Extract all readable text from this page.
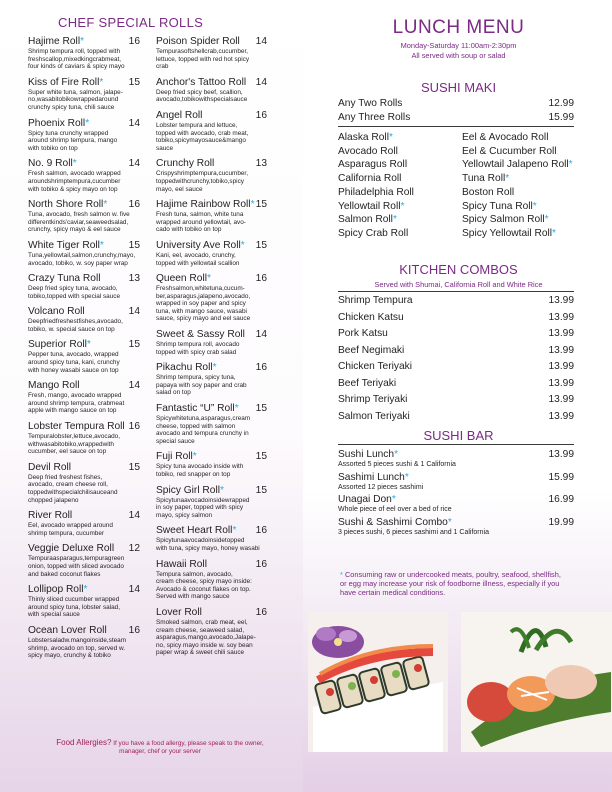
CHEF SPECIAL ROLLS
Hajime Roll*	16
Shrimp tempura roll, topped with
freshscallop,mixedkingcrabmeat,
four kinds of caviars & spicy mayo
Kiss of Fire Roll* 15
Super white tuna, salmon, jalape-
no,wasabitobikowrappedaround
crunchy spicy tuna, chili sauce
Phoenix Roll*	14
Spicy tuna crunchy wrapped
around shrimp tempura, mango
with tobiko on top
No. 9 Roll*	14
Fresh salmon, avocado wrapped
aroundshrimptempura,cucumber
with tobiko & spicy mayo on top
North Shore Roll* 16
Tuna, avocado, fresh salmon w. five
differentkinds'caviar,seaweedsalad,
crunchy, spicy mayo & eel sauce
White Tiger Roll* 15
Tuna,yellowtail,salmon,crunchy,mayo,
avocado, tobiko, w. soy paper wrap
Crazy Tuna Roll	13
Deep fried spicy tuna, avocado,
tobiko,topped with special sauce
Volcano Roll	14
Deepfriedfreshestfishes,avocado,
tobiko, w. special sauce on top
Superior Roll*	15
Pepper tuna, avocado, wrapped
around spicy tuna, kani, crunchy
with honey wasabi sauce on top
Mango Roll	14
Fresh, mango, avocado wrapped
around shrimp tempura, crabmeat
apple with mango sauce on top
Lobster Tempura Roll 16
Tempuralobster,lettuce,avocado,
withwasabitobiko,wrappedwith
cucumber, eel sauce on top
Devil Roll	15
Deep fried freshest fishes,
avocado, cream cheese roll,
toppedwithspecialchilisauceand
chopped jalapeno
River Roll	14
Eel, avocado wrapped around
shrimp tempura, cucumber
Veggie Deluxe Roll 12
Tempuraasparagus,tempuragreen
onion, topped with sliced avocado
and baked coconut flakes
Lollipop Roll*	14
Thinly sliced cucumber wrapped
around spicy tuna, lobster salad,
with special sauce
Ocean Lover Roll 16
Lobstersaladw.mangoinside,steam
shrimp, avocado on top, served w.
spicy mayo, crunchy & tobiko
Poison Spider Roll 14
Tempurasoftshellcrab,cucumber,
lettuce, topped with red hot spicy
crab
Anchor's Tattoo Roll 14
Deep fried spicy beef, scallion,
avocado,tobikowithspecialsauce
Angel Roll	16
Lobster tempura and lettuce,
topped with avocado, crab meat,
tobiko,spicymayosauce&mango
sauce
Crunchy Roll	13
Crispyshrimptempura,cucumber,
toppedwithcrunchy,tobiko,spicy
mayo, eel sauce
Hajime Rainbow Roll* 15
Fresh tuna, salmon, white tuna
wrapped around yellowtail, avo-
cado with tobiko on top
University Ave Roll* 15
Kani, eel, avocado, crunchy,
topped with yellowtail scallion
Queen Roll*	16
Freshsalmon,whitetuna,cucum-
ber,asparagus,jalapeno,avocado,
wrapped in soy paper and spicy
tuna, with mango sauce, wasabi
sauce, spicy mayo and eel sauce
Sweet & Sassy Roll 14
Shrimp tempura roll, avocado
topped with spicy crab salad
Pikachu Roll*	16
Shrimp tempura, spicy tuna,
papaya with soy paper and crab
salad on top
Fantastic “U” Roll* 15
Spicywhitetuna,asparagus,cream
cheese, topped with salmon
avocado and tempura crunchy in
special sauce
Fuji Roll*	15
Spicy tuna avocado inside with
tobiko, red snapper on top
Spicy Girl Roll*	15
Spicytunaavocadoinsidewrapped
in soy paper, topped with spicy
mayo, spicy salmon
Sweet Heart Roll* 16
Spicytunaavocadoinsidetopped
with tuna, spicy mayo, honey wasabi
Hawaii Roll	16
Tempura salmon, avocado,
cream cheese, spicy mayo inside:
Avocado & coconut flakes on top.
Served with mango sauce
Lover Roll	16
Smoked salmon, crab meat, eel,
cream cheese, seaweed salad,
asparagus,mango,avocado,Jalape-
no, spicy mayo inside w. soy bean
paper wrap & sweet chili sauce
Food Allergies? If you have a food allergy, please speak to the owner,
manager, chef or your server
LUNCH MENU
Monday-Saturday 11:00am-2:30pm
All served with soup or salad
SUSHI MAKI
Any Two Rolls	12.99
Any Three Rolls	15.99
Alaska Roll*
Avocado Roll
Asparagus Roll
California Roll
Philadelphia Roll
Yellowtail Roll*
Salmon Roll*
Spicy Crab Roll
Eel & Avocado Roll
Eel & Cucumber Roll
Yellowtail Jalapeno Roll*
Tuna Roll*
Boston Roll
Spicy Tuna Roll*
Spicy Salmon Roll*
Spicy Yellowtail Roll*
KITCHEN COMBOS
Served with Shumai, California Roll and White Rice
Shrimp Tempura	13.99
Chicken Katsu	13.99
Pork Katsu	13.99
Beef Negimaki	13.99
Chicken Teriyaki	13.99
Beef Teriyaki	13.99
Shrimp Teriyaki	13.99
Salmon Teriyaki	13.99
SUSHI BAR
Sushi Lunch*	13.99
Assorted 5 pieces sushi & 1 California
Sashimi Lunch*	15.99
Assorted 12 pieces sashimi
Unagai Don*	16.99
Whole piece of eel over a bed of rice
Sushi & Sashimi Combo*	19.99
3 pieces sushi, 6 pieces sashimi and 1 California
* Consuming raw or undercooked meats, poultry, seafood, shellfish, or egg may increase your risk of foodborne illness, especially if you have certain medical conditions.
